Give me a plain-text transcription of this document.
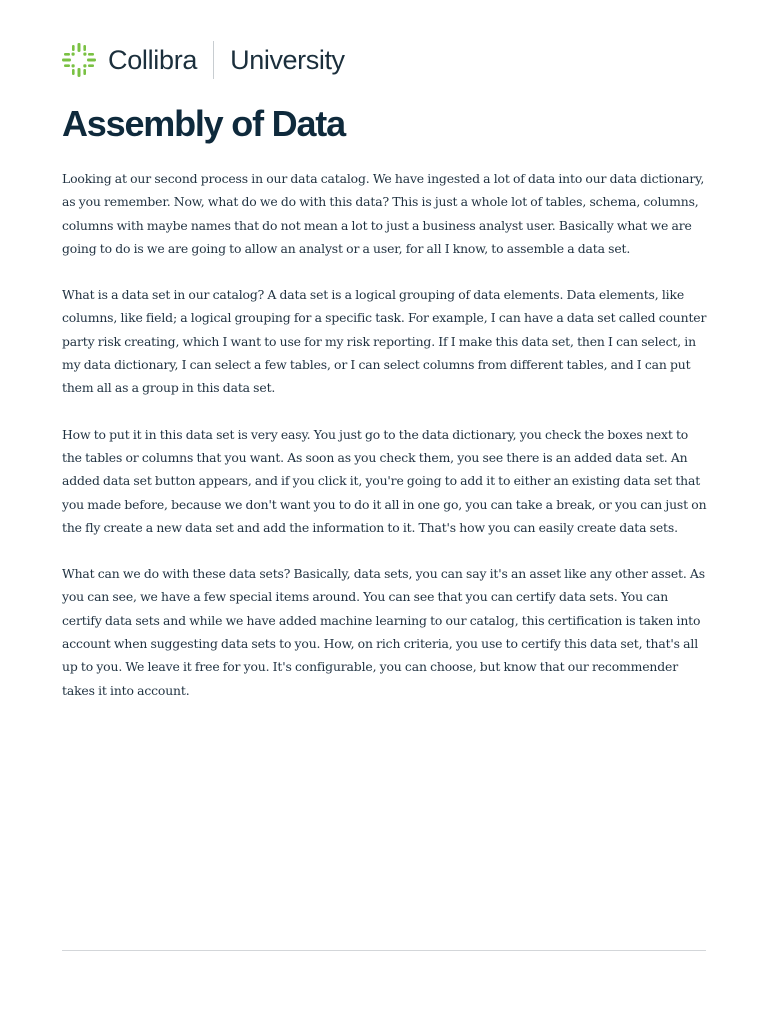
Collibra University
Assembly of Data

Looking at our second process in our data catalog. We have ingested a lot of data into our data dictionary, as you remember. Now, what do we do with this data? This is just a whole lot of tables, schema, columns, columns with maybe names that do not mean a lot to just a business analyst user. Basically what we are going to do is we are going to allow an analyst or a user, for all I know, to assemble a data set.

What is a data set in our catalog? A data set is a logical grouping of data elements. Data elements, like columns, like field; a logical grouping for a specific task. For example, I can have a data set called counter party risk creating, which I want to use for my risk reporting. If I make this data set, then I can select, in my data dictionary, I can select a few tables, or I can select columns from different tables, and I can put them all as a group in this data set.

How to put it in this data set is very easy. You just go to the data dictionary, you check the boxes next to the tables or columns that you want. As soon as you check them, you see there is an added data set. An added data set button appears, and if you click it, you're going to add it to either an existing data set that you made before, because we don't want you to do it all in one go, you can take a break, or you can just on the fly create a new data set and add the information to it. That's how you can easily create data sets.

What can we do with these data sets? Basically, data sets, you can say it's an asset like any other asset. As you can see, we have a few special items around. You can see that you can certify data sets. You can certify data sets and while we have added machine learning to our catalog, this certification is taken into account when suggesting data sets to you. How, on rich criteria, you use to certify this data set, that's all up to you. We leave it free for you. It's configurable, you can choose, but know that our recommender takes it into account.
